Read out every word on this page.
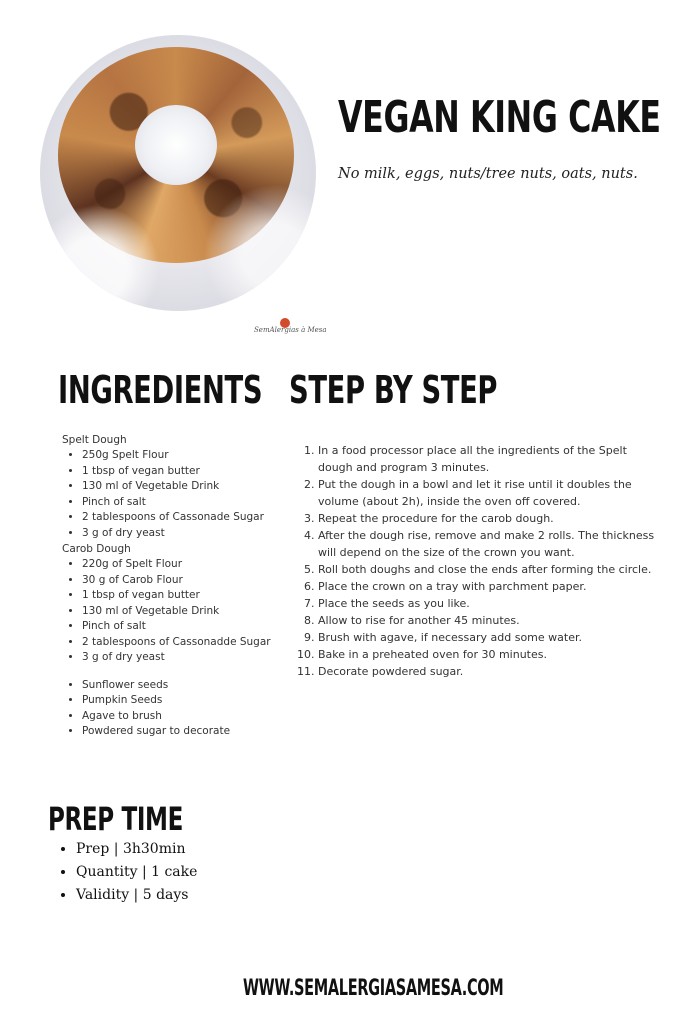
SemAlergias à Mesa
VEGAN KING CAKE
No milk, eggs, nuts/tree nuts, oats, nuts.
INGREDIENTS STEP BY STEP

Spelt Dough

• 250g Spelt Flour
• 1 tbsp of vegan butter
• 130 ml of Vegetable Drink
• Pinch of salt
• 2 tablespoons of Cassonade Sugar
• 3 g of dry yeast

Carob Dough

• 220g of Spelt Flour
• 30 g of Carob Flour
• 1 tbsp of vegan butter
• 130 ml of Vegetable Drink
• Pinch of salt
• 2 tablespoons of Cassonadde Sugar
• 3 g of dry yeast
• Sunflower seeds
• Pumpkin Seeds
• Agave to brush
• Powdered sugar to decorate
1. In a food processor place all the ingredients of the Spelt dough and program 3 minutes.
2. Put the dough in a bowl and let it rise until it doubles the volume (about 2h), inside the oven off covered.
3. Repeat the procedure for the carob dough.
4. After the dough rise, remove and make 2 rolls. The thickness will depend on the size of the crown you want.
5. Roll both doughs and close the ends after forming the circle.
6. Place the crown on a tray with parchment paper.
7. Place the seeds as you like.
8. Allow to rise for another 45 minutes.
9. Brush with agave, if necessary add some water.
10. Bake in a preheated oven for 30 minutes.
11. Decorate powdered sugar.
PREP TIME
• Prep | 3h30min
• Quantity | 1 cake
• Validity | 5 days
WWW.SEMALERGIASAMESA.COM
